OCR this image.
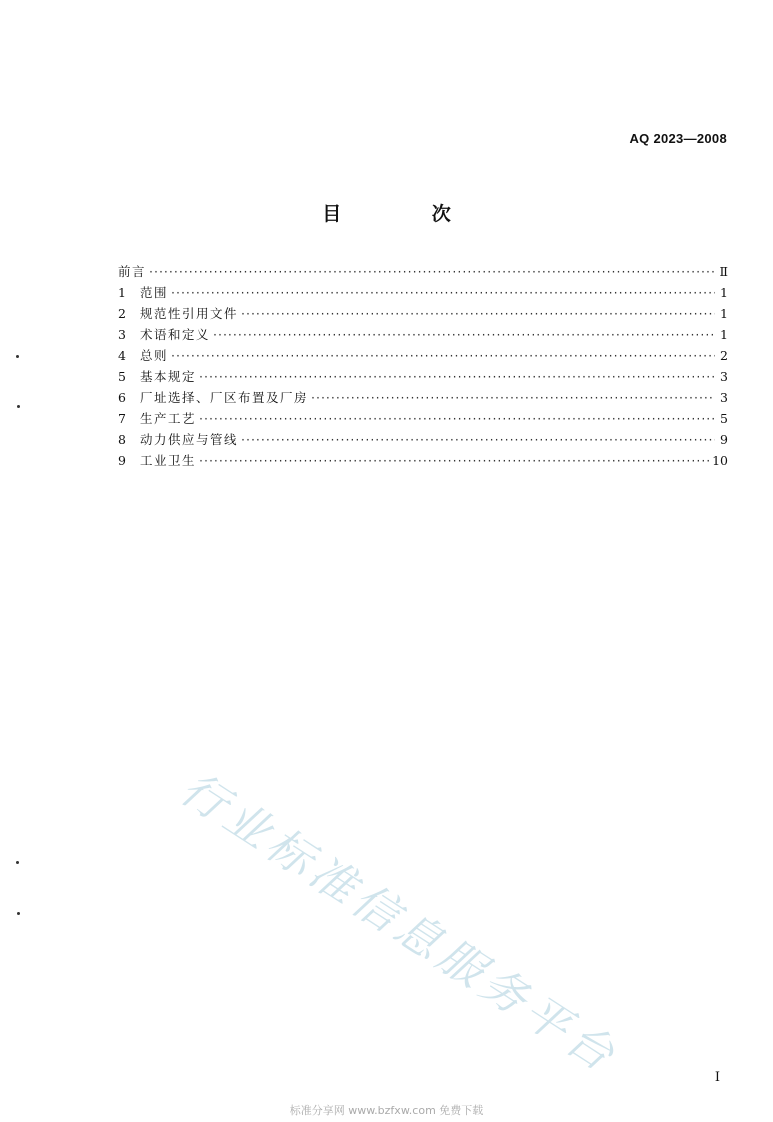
AQ 2023—2008
目 次
前言 ·····	Ⅱ
1	范围 ·····	1
2	规范性引用文件 ·····	1
3	术语和定义 ·····	1
4	总则 ·····	2
5	基本规定 ·····	3
6	厂址选择、厂区布置及厂房 ·····	3
7	生产工艺 ·····	5
8	动力供应与管线 ·····	9
9	工业卫生 ·····	10
行业标准信息服务平台	I
标准分享网 www.bzfxw.com 免费下载
